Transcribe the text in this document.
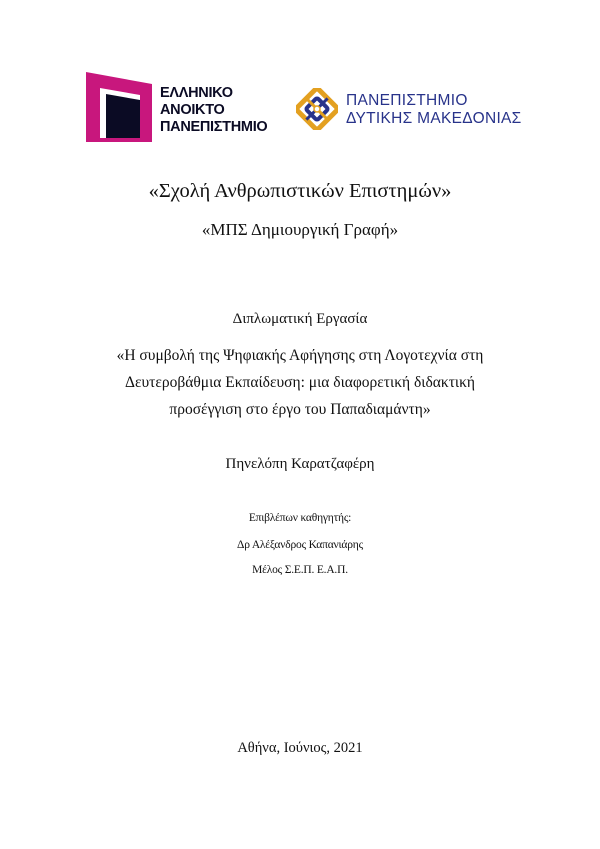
ΕΛΛΗΝΙΚΟ
ΑΝΟΙΚΤΟ
ΠΑΝΕΠΙΣΤΗΜΙΟ
ΠΑΝΕΠΙΣΤΗΜΙΟ
ΔΥΤΙΚΗΣ ΜΑΚΕΔΟΝΙΑΣ
«Σχολή Ανθρωπιστικών Επιστημών»
«ΜΠΣ Δημιουργική Γραφή»
Διπλωματική Εργασία
«Η συμβολή της Ψηφιακής Αφήγησης στη Λογοτεχνία στη
Δευτεροβάθμια Εκπαίδευση: μια διαφορετική διδακτική
προσέγγιση στο έργο του Παπαδιαμάντη»
Πηνελόπη Καρατζαφέρη
Επιβλέπων καθηγητής:
Δρ Αλέξανδρος Καπανιάρης
Μέλος Σ.Ε.Π. Ε.Α.Π.
Αθήνα, Ιούνιος, 2021
